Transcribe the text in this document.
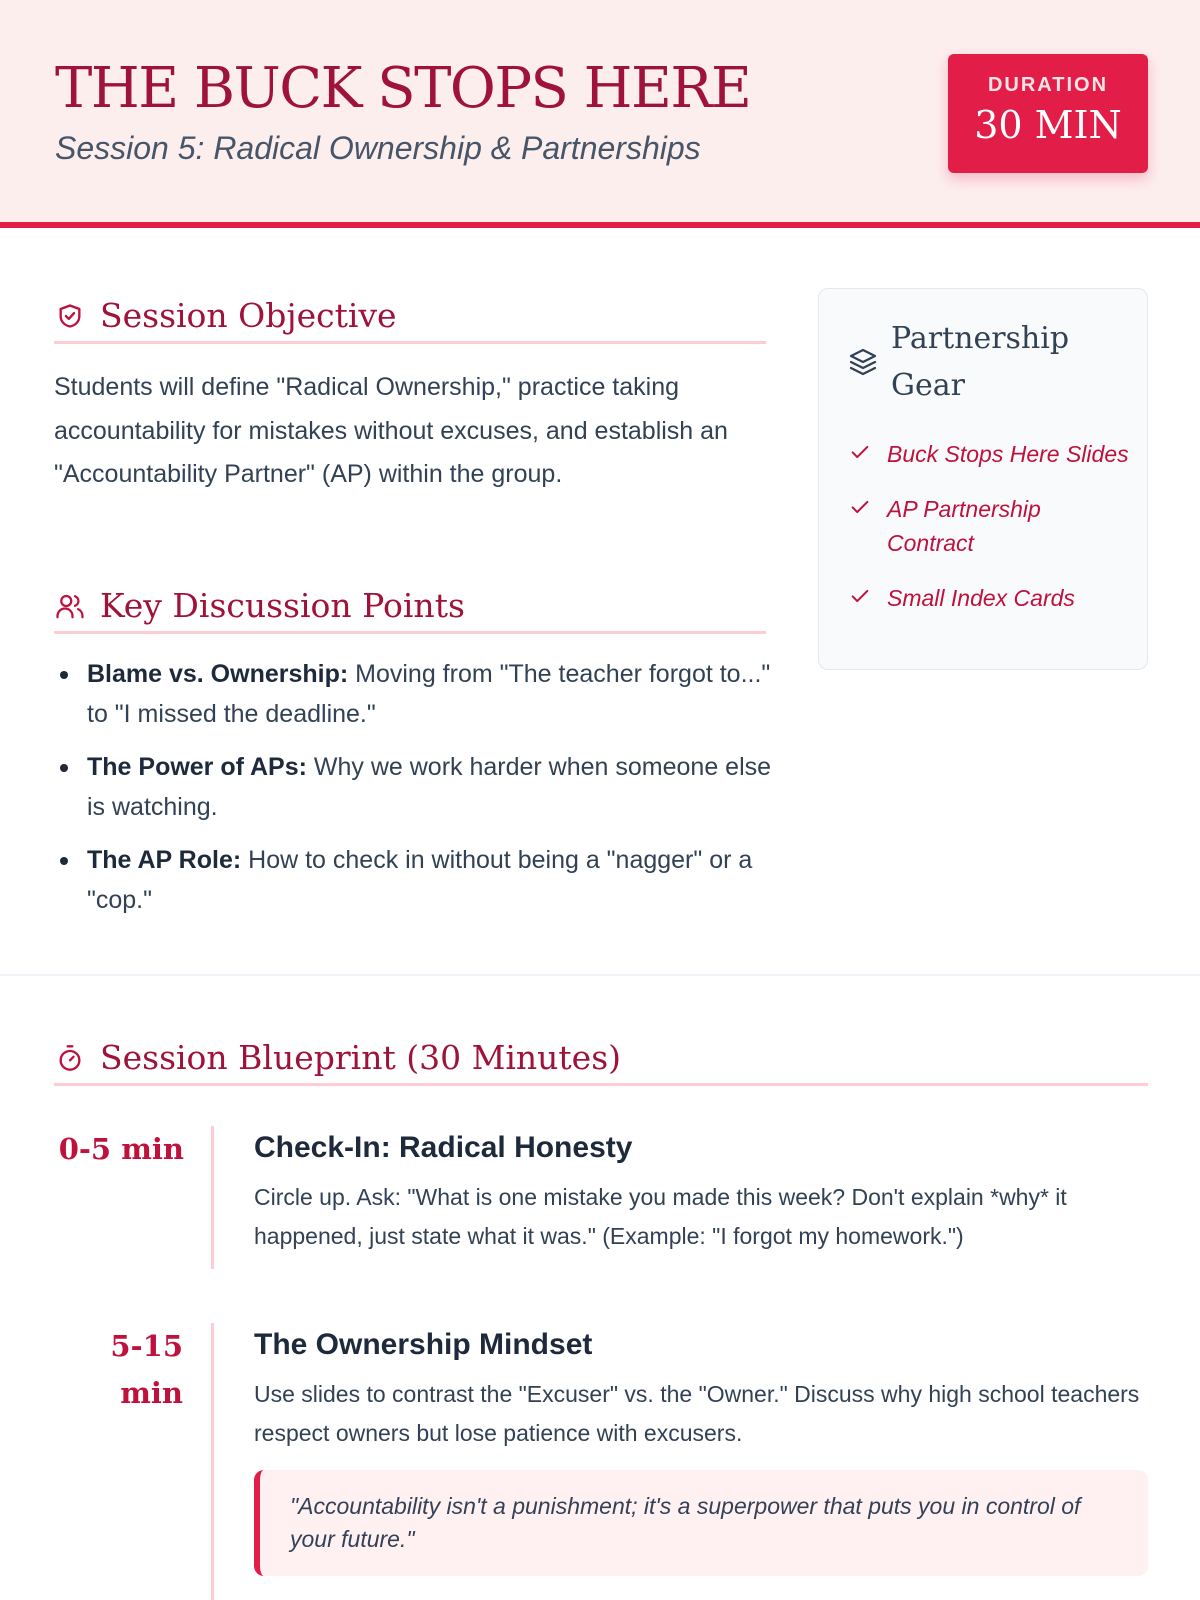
THE BUCK STOPS HERE
Session 5: Radical Ownership & Partnerships
DURATION
30 MIN
Session Objective

Students will define "Radical Ownership," practice taking accountability for mistakes without excuses, and establish an "Accountability Partner" (AP) within the group.

Key Discussion Points
Blame vs. Ownership: Moving from "The teacher forgot to..." to "I missed the deadline."
The Power of APs: Why we work harder when someone else is watching.
The AP Role: How to check in without being a "nagger" or a "cop."
Partnership Gear
Buck Stops Here Slides
AP Partnership Contract
Small Index Cards
Session Blueprint (30 Minutes)
0-5 min Check-In: Radical Honesty
Circle up. Ask: "What is one mistake you made this week? Don't explain *why* it happened, just state what it was." (Example: "I forgot my homework.")
5-15 min
The Ownership Mindset
Use slides to contrast the "Excuser" vs. the "Owner." Discuss why high school teachers respect owners but lose patience with excusers.
"Accountability isn't a punishment; it's a superpower that puts you in control of your future."
